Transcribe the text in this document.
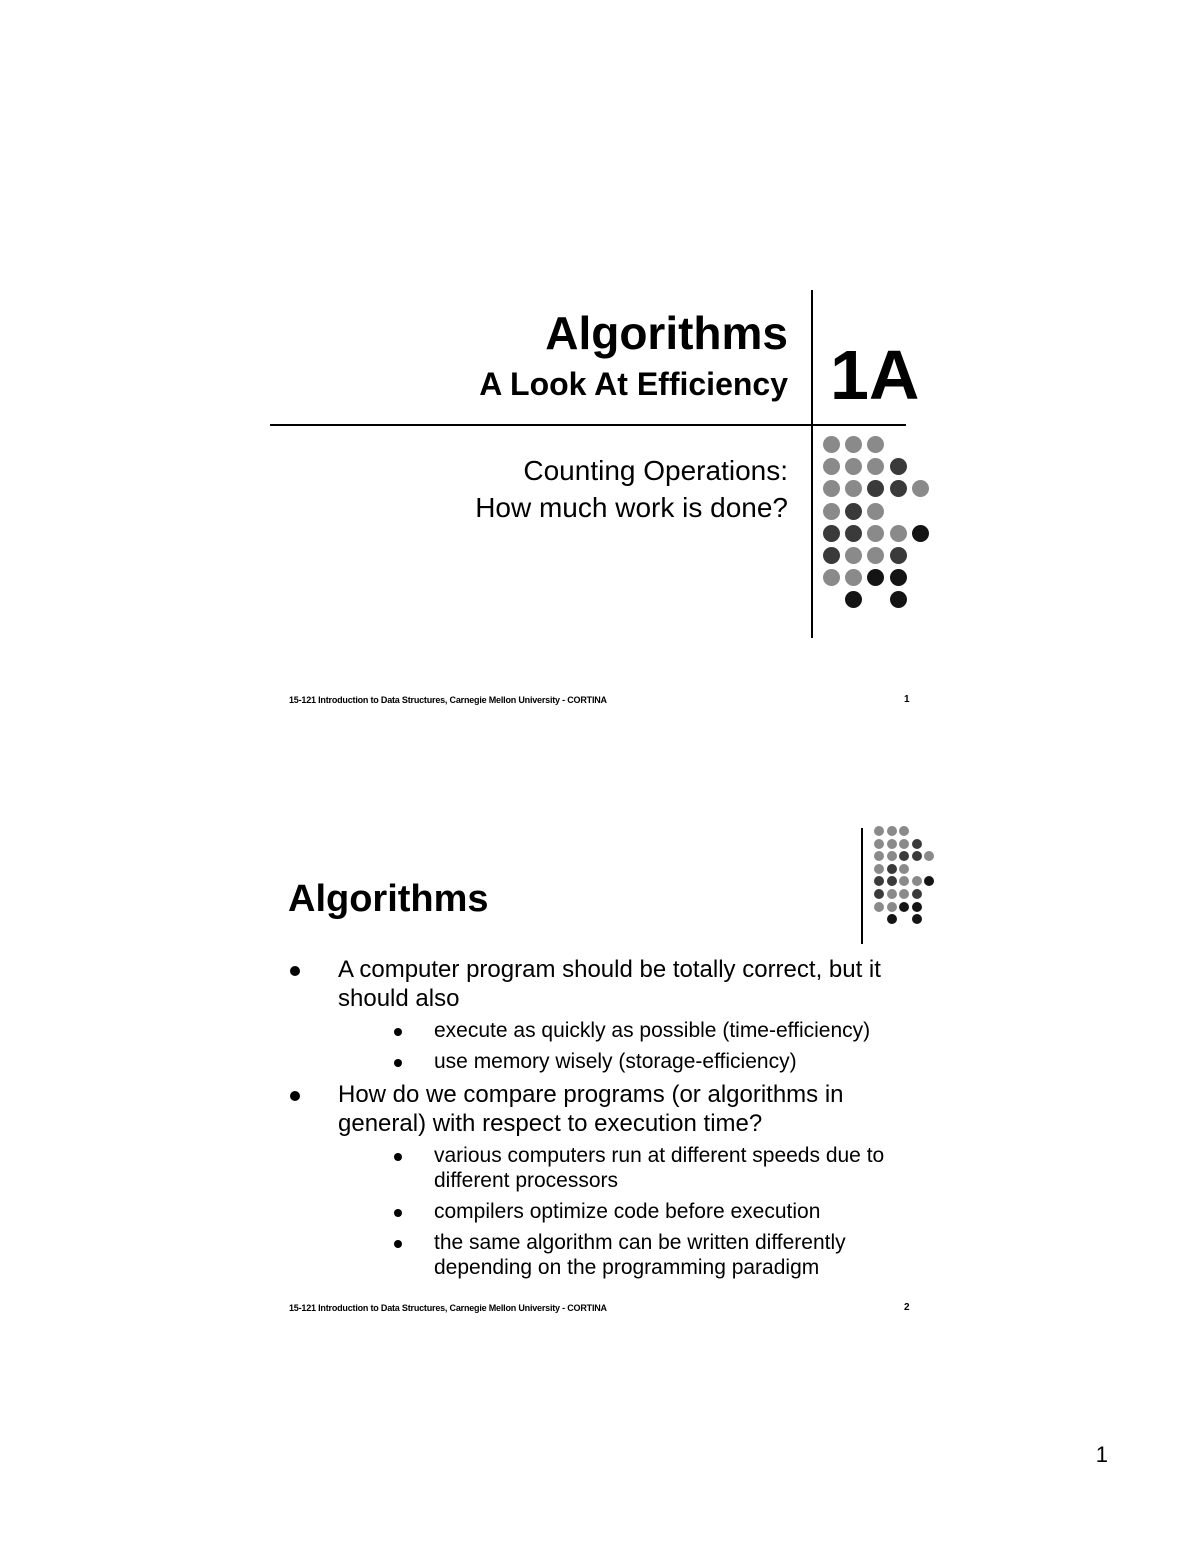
Algorithms
A Look At Efficiency 1A
Counting Operations:
How much work is done?
15-121 Introduction to Data Structures, Carnegie Mellon University - CORTINA	1
Algorithms
A computer program should be totally correct, but it should also
execute as quickly as possible (time-efficiency)
use memory wisely (storage-efficiency)
How do we compare programs (or algorithms in general) with respect to execution time?
various computers run at different speeds due to different processors
compilers optimize code before execution
the same algorithm can be written differently depending on the programming paradigm
15-121 Introduction to Data Structures, Carnegie Mellon University - CORTINA	2
1
